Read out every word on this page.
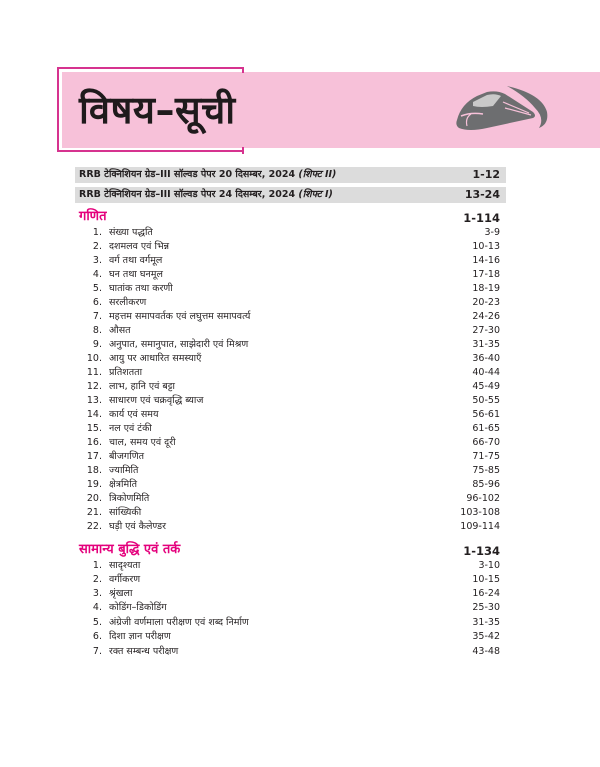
विषय–सूची
RRB टेक्निशियन ग्रेड–III सॉल्वड पेपर 20 दिसम्बर, 2024 (शिफ्ट II)	1-12
RRB टेक्निशियन ग्रेड–III सॉल्वड पेपर 24 दिसम्बर, 2024 (शिफ्ट I)	13-24
गणित	1-114
1. संख्या पद्धति	3-9
2. दशमलव एवं भिन्न	10-13
3. वर्ग तथा वर्गमूल	14-16
4. घन तथा घनमूल	17-18
5. घातांक तथा करणी	18-19
6. सरलीकरण	20-23
7. महत्तम समापवर्तक एवं लघुत्तम समापवर्त्य	24-26
8. औसत	27-30
9. अनुपात, समानुपात, साझेदारी एवं मिश्रण	31-35
10. आयु पर आधारित समस्याएँ	36-40
11. प्रतिशतता	40-44
12. लाभ, हानि एवं बट्टा	45-49
13. साधारण एवं चक्रवृद्धि ब्याज	50-55
14. कार्य एवं समय	56-61
15. नल एवं टंकी	61-65
16. चाल, समय एवं दूरी	66-70
17. बीजगणित	71-75
18. ज्यामिति	75-85
19. क्षेत्रमिति	85-96
20. त्रिकोणमिति	96-102
21. सांख्यिकी	103-108
22. घड़ी एवं कैलेण्डर	109-114
सामान्य बुद्धि एवं तर्क	1-134
1. सादृश्यता	3-10
2. वर्गीकरण	10-15
3. श्रृंखला	16-24
4. कोडिंग–डिकोडिंग	25-30
5. अंग्रेजी वर्णमाला परीक्षण एवं शब्द निर्माण	31-35
6. दिशा ज्ञान परीक्षण	35-42
7. रक्त सम्बन्ध परीक्षण	43-48
